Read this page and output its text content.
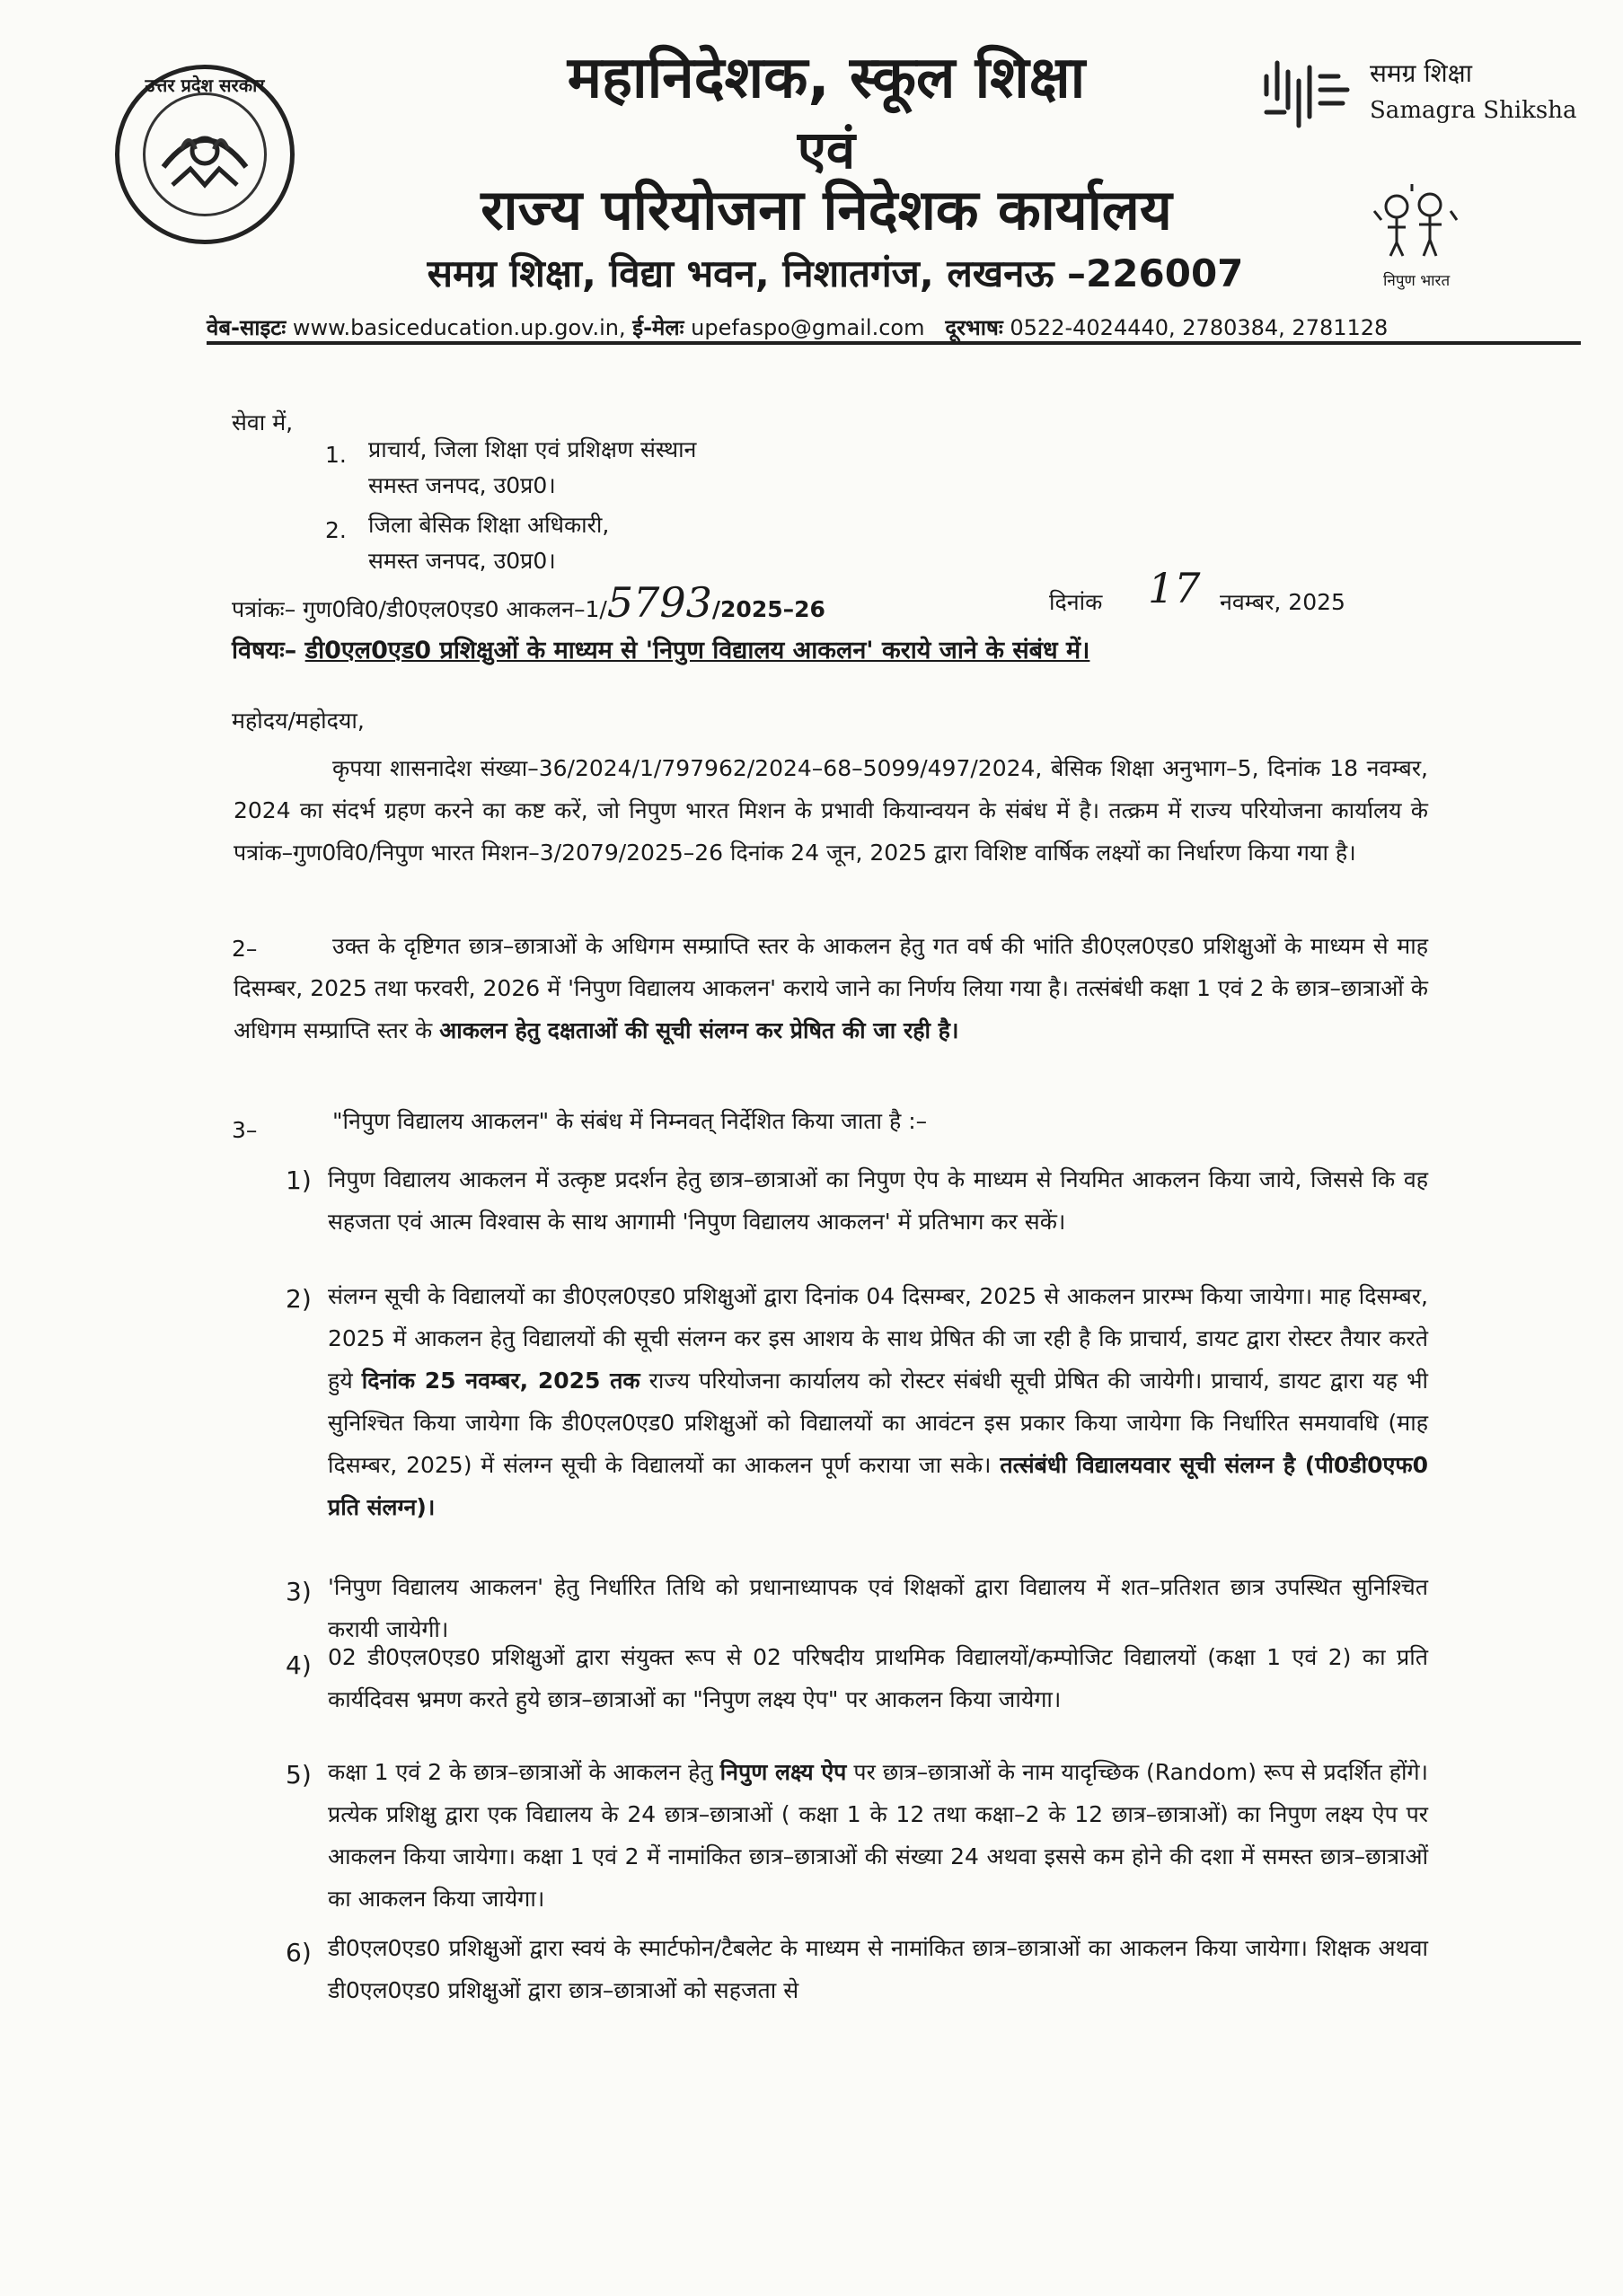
उत्तर प्रदेश सरकार	महानिदेशक, स्कूल शिक्षा
एवं
राज्य परियोजना निदेशक कार्यालय
समग्र शिक्षा, विद्या भवन, निशातगंज, लखनऊ –226007
समग्र शिक्षा
Samagra Shiksha
निपुण भारत
वेब-साइटः www.basiceducation.up.gov.in, ई-मेलः upefaspo@gmail.com दूरभाषः 0522-4024440, 2780384, 2781128
सेवा में,
1. प्राचार्य, जिला शिक्षा एवं प्रशिक्षण संस्थान
समस्त जनपद, उ0प्र0।
2. जिला बेसिक शिक्षा अधिकारी,
समस्त जनपद, उ0प्र0।
पत्रांकः– गुण0वि0/डी0एल0एड0 आकलन–1/5793/2025–26	दिनांक 17 नवम्बर, 2025
विषयः– डी0एल0एड0 प्रशिक्षुओं के माध्यम से 'निपुण विद्यालय आकलन' कराये जाने के संबंध में।
महोदय/महोदया,
कृपया शासनादेश संख्या–36/2024/1/797962/2024–68–5099/497/2024, बेसिक शिक्षा अनुभाग–5, दिनांक 18 नवम्बर, 2024 का संदर्भ ग्रहण करने का कष्ट करें, जो निपुण भारत मिशन के प्रभावी कियान्वयन के संबंध में है। तत्क्रम में राज्य परियोजना कार्यालय के पत्रांक–गुण0वि0/निपुण भारत मिशन–3/2079/2025–26 दिनांक 24 जून, 2025 द्वारा विशिष्ट वार्षिक लक्ष्यों का निर्धारण किया गया है।
2–	उक्त के दृष्टिगत छात्र–छात्राओं के अधिगम सम्प्राप्ति स्तर के आकलन हेतु गत वर्ष की भांति डी0एल0एड0 प्रशिक्षुओं के माध्यम से माह दिसम्बर, 2025 तथा फरवरी, 2026 में 'निपुण विद्यालय आकलन' कराये जाने का निर्णय लिया गया है। तत्संबंधी कक्षा 1 एवं 2 के छात्र–छात्राओं के अधिगम सम्प्राप्ति स्तर के आकलन हेतु दक्षताओं की सूची संलग्न कर प्रेषित की जा रही है।
3–	"निपुण विद्यालय आकलन" के संबंध में निम्नवत् निर्देशित किया जाता है :–
1) निपुण विद्यालय आकलन में उत्कृष्ट प्रदर्शन हेतु छात्र–छात्राओं का निपुण ऐप के माध्यम से नियमित आकलन किया जाये, जिससे कि वह सहजता एवं आत्म विश्वास के साथ आगामी 'निपुण विद्यालय आकलन' में प्रतिभाग कर सकें।
2) संलग्न सूची के विद्यालयों का डी0एल0एड0 प्रशिक्षुओं द्वारा दिनांक 04 दिसम्बर, 2025 से आकलन प्रारम्भ किया जायेगा। माह दिसम्बर, 2025 में आकलन हेतु विद्यालयों की सूची संलग्न कर इस आशय के साथ प्रेषित की जा रही है कि प्राचार्य, डायट द्वारा रोस्टर तैयार करते हुये दिनांक 25 नवम्बर, 2025 तक राज्य परियोजना कार्यालय को रोस्टर संबंधी सूची प्रेषित की जायेगी। प्राचार्य, डायट द्वारा यह भी सुनिश्चित किया जायेगा कि डी0एल0एड0 प्रशिक्षुओं को विद्यालयों का आवंटन इस प्रकार किया जायेगा कि निर्धारित समयावधि (माह दिसम्बर, 2025) में संलग्न सूची के विद्यालयों का आकलन पूर्ण कराया जा सके। तत्संबंधी विद्यालयवार सूची संलग्न है (पी0डी0एफ0 प्रति संलग्न)।
3) 'निपुण विद्यालय आकलन' हेतु निर्धारित तिथि को प्रधानाध्यापक एवं शिक्षकों द्वारा विद्यालय में शत–प्रतिशत छात्र उपस्थित सुनिश्चित करायी जायेगी।
4) 02 डी0एल0एड0 प्रशिक्षुओं द्वारा संयुक्त रूप से 02 परिषदीय प्राथमिक विद्यालयों/कम्पोजिट विद्यालयों (कक्षा 1 एवं 2) का प्रति कार्यदिवस भ्रमण करते हुये छात्र–छात्राओं का "निपुण लक्ष्य ऐप" पर आकलन किया जायेगा।
5) कक्षा 1 एवं 2 के छात्र–छात्राओं के आकलन हेतु निपुण लक्ष्य ऐप पर छात्र–छात्राओं के नाम यादृच्छिक (Random) रूप से प्रदर्शित होंगे। प्रत्येक प्रशिक्षु द्वारा एक विद्यालय के 24 छात्र–छात्राओं ( कक्षा 1 के 12 तथा कक्षा–2 के 12 छात्र–छात्राओं) का निपुण लक्ष्य ऐप पर आकलन किया जायेगा। कक्षा 1 एवं 2 में नामांकित छात्र–छात्राओं की संख्या 24 अथवा इससे कम होने की दशा में समस्त छात्र–छात्राओं का आकलन किया जायेगा।
6) डी0एल0एड0 प्रशिक्षुओं द्वारा स्वयं के स्मार्टफोन/टैबलेट के माध्यम से नामांकित छात्र–छात्राओं का आकलन किया जायेगा। शिक्षक अथवा डी0एल0एड0 प्रशिक्षुओं द्वारा छात्र–छात्राओं को सहजता से
